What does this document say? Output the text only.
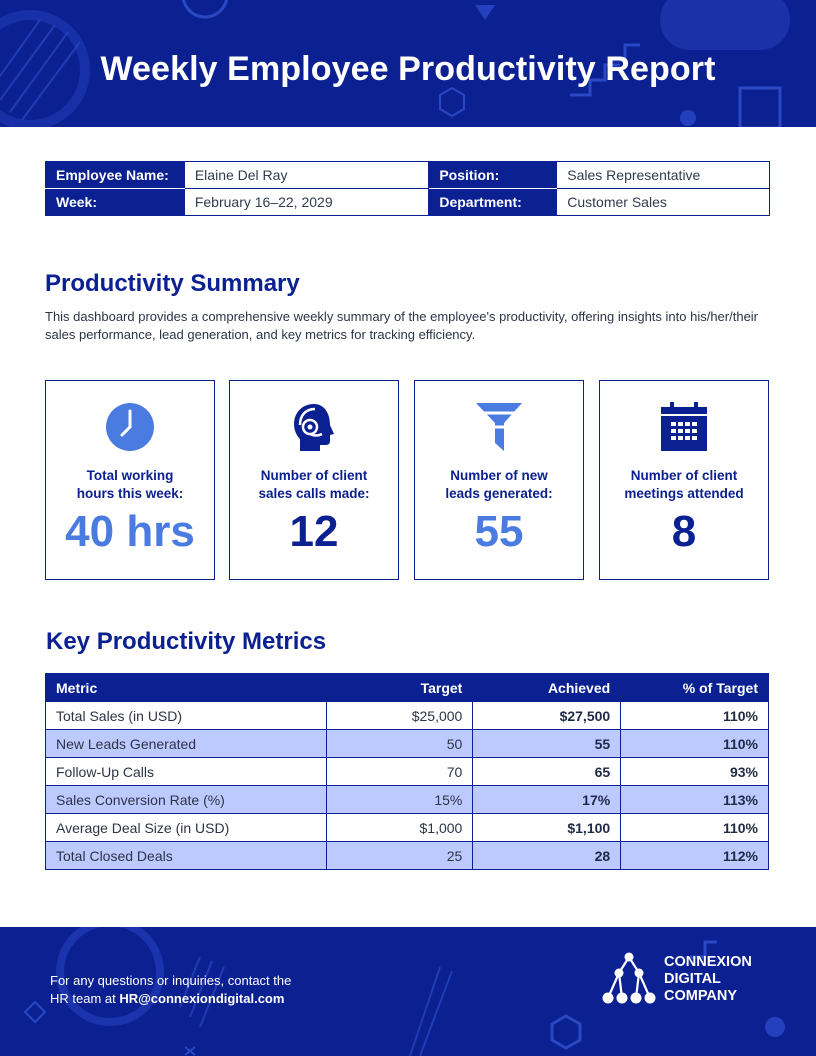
Weekly Employee Productivity Report
Employee Name:	Elaine Del Ray	Position:	Sales Representative
Week:	February 16–22, 2029	Department:	Customer Sales
Productivity Summary

This dashboard provides a comprehensive weekly summary of the employee's productivity, offering insights into his/her/their sales performance, lead generation, and key metrics for tracking efficiency.

Total working
hours this week:
40 hrs
Number of client
sales calls made:
12
Number of new
leads generated:
55
Number of client
meetings attended
8
Key Productivity Metrics
Metric	Target	Achieved	% of Target
Total Sales (in USD)	$25,000	$27,500	110%
New Leads Generated	50	55	110%
Follow-Up Calls	70	65	93%
Sales Conversion Rate (%)	15%	17%	113%
Average Deal Size (in USD)	$1,000	$1,100	110%
Total Closed Deals	25	28	112%
For any questions or inquiries, contact the
HR team at HR@connexiondigital.com
CONNEXION
DIGITAL
COMPANY
